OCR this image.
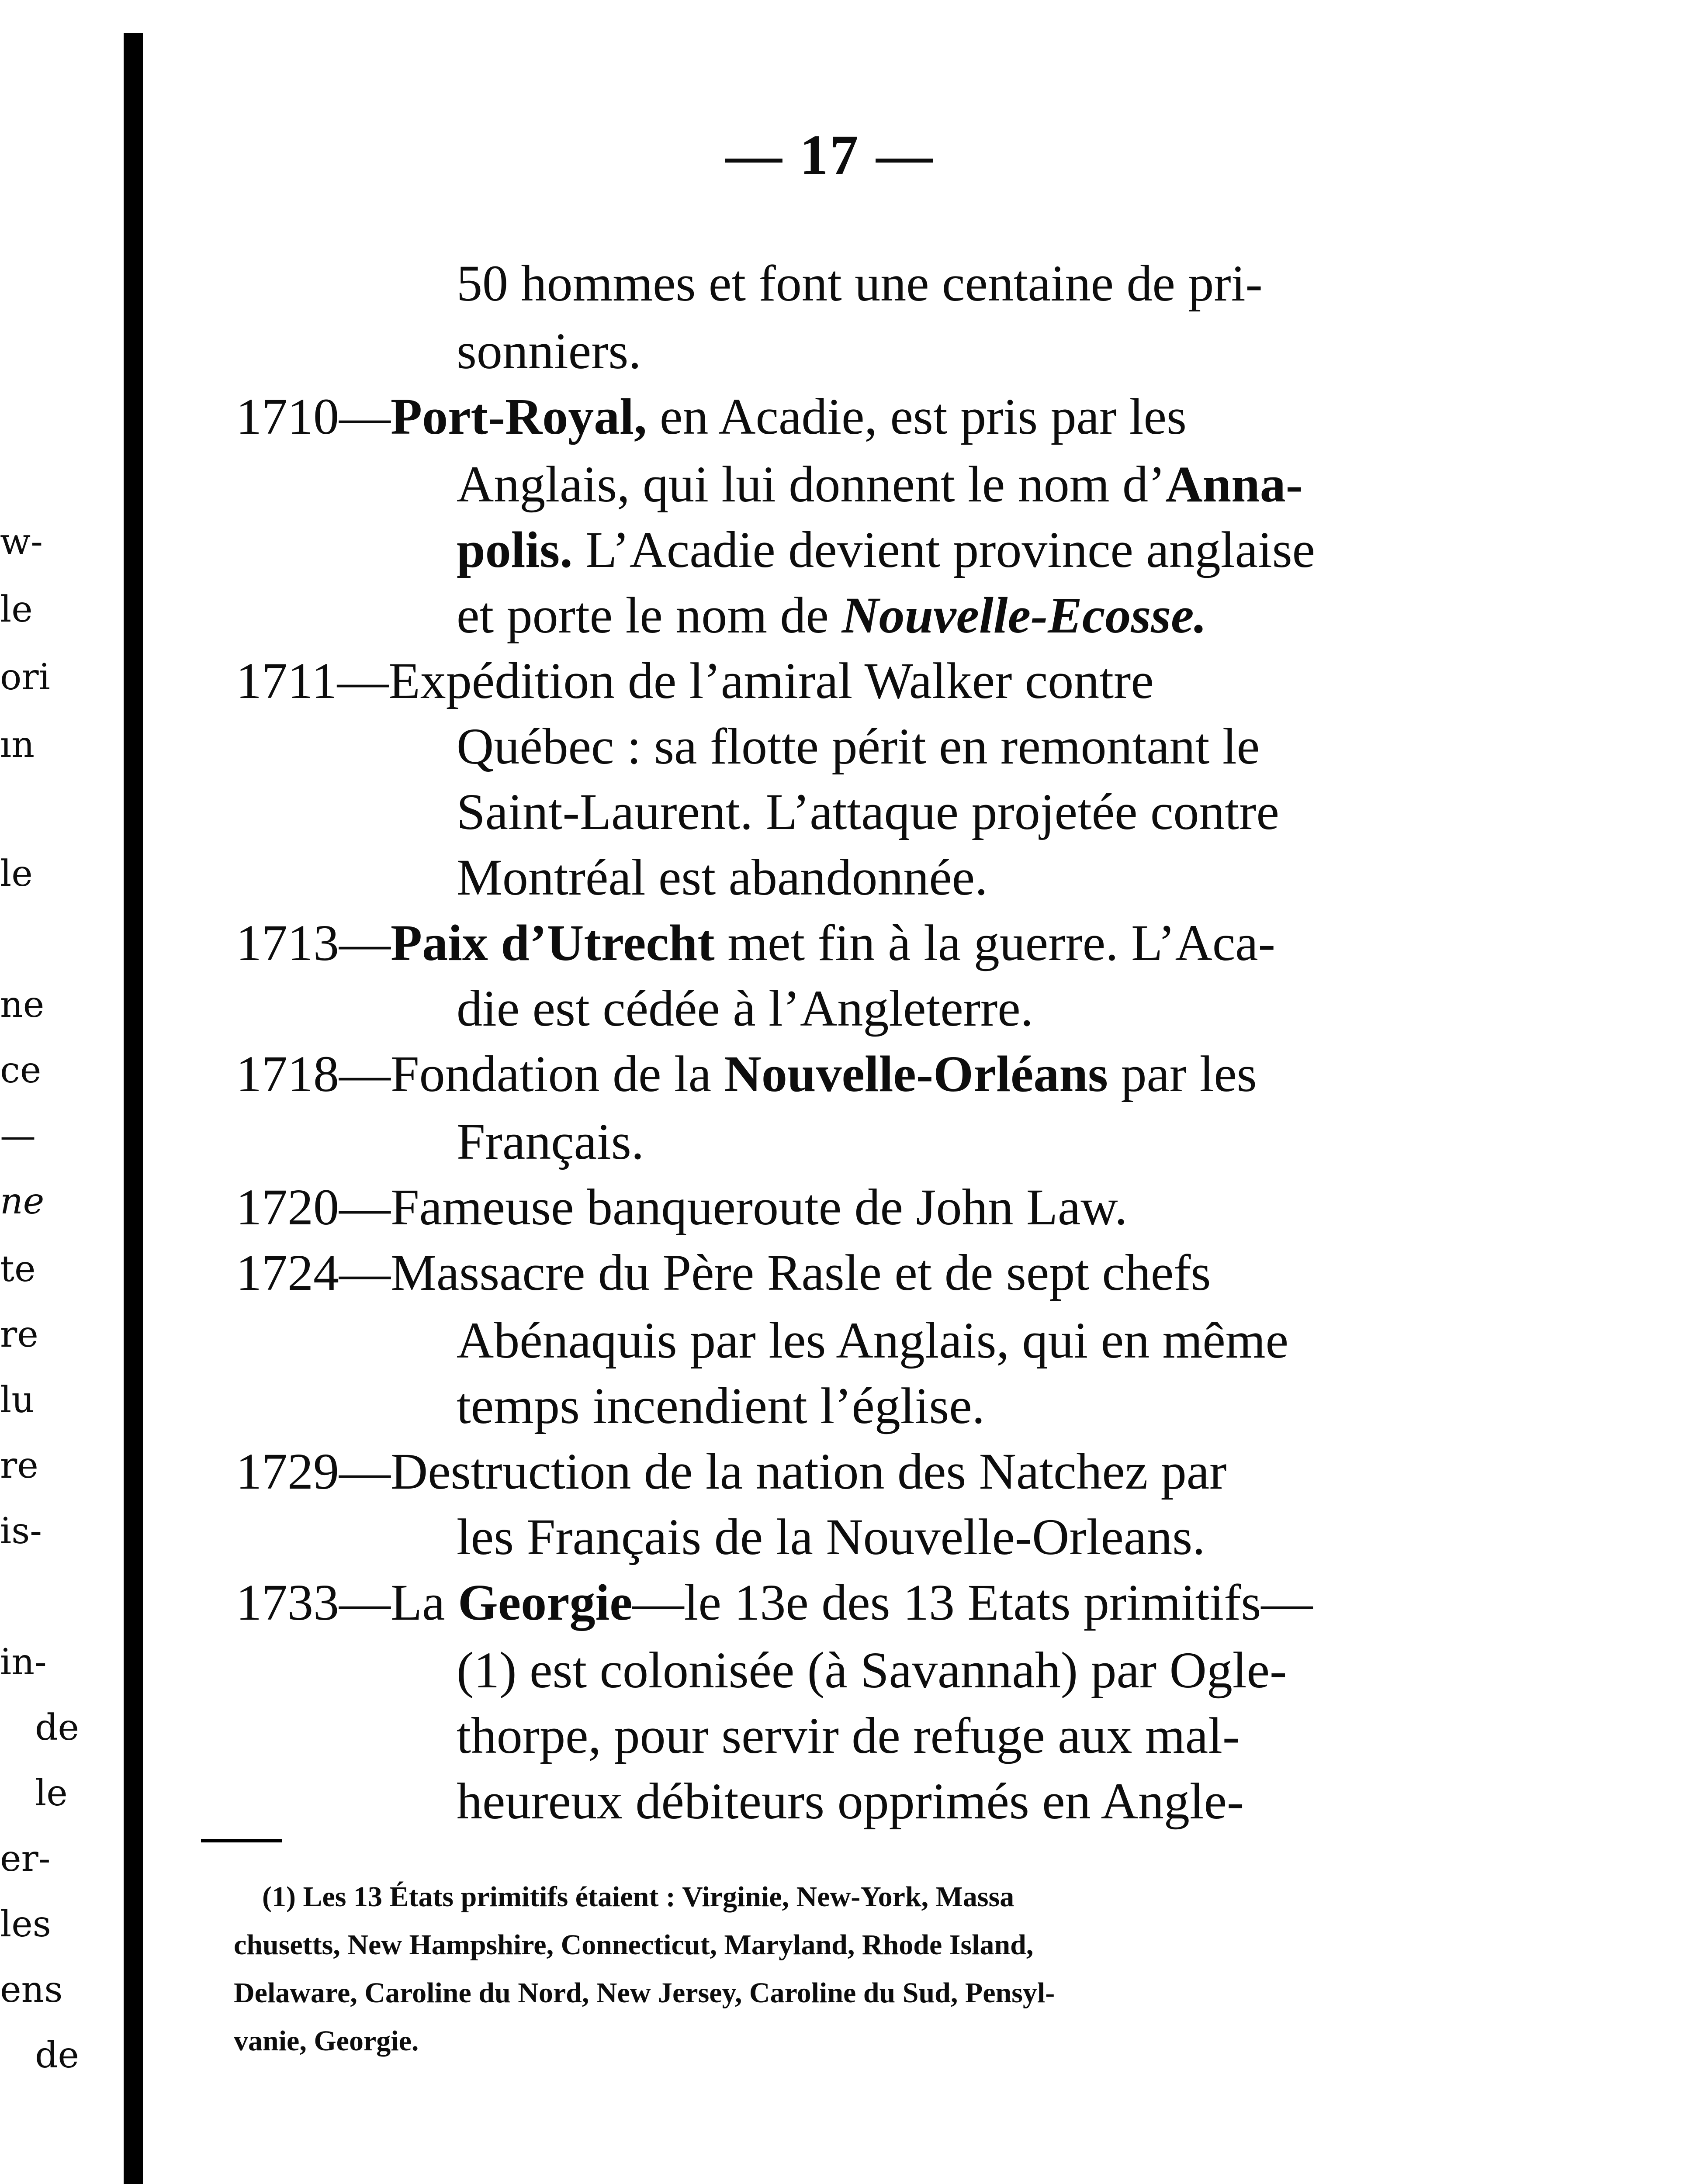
w-
le
ori
ın
le
ne
ce
—
ne
te
re
lu
re
is-
in-
de
le
er-
les
ens
de
— 17 —
50 hommes et font une centaine de pri-
sonniers.
1710—Port-Royal, en Acadie, est pris par les
Anglais, qui lui donnent le nom d’Anna-
polis. L’Acadie devient province anglaise
et porte le nom de Nouvelle-Ecosse.
1711—Expédition de l’amiral Walker contre
Québec : sa flotte périt en remontant le
Saint-Laurent. L’attaque projetée contre
Montréal est abandonnée.
1713—Paix d’Utrecht met fin à la guerre. L’Aca-
die est cédée à l’Angleterre.
1718—Fondation de la Nouvelle-Orléans par les
Français.
1720—Fameuse banqueroute de John Law.
1724—Massacre du Père Rasle et de sept chefs
Abénaquis par les Anglais, qui en même
temps incendient l’église.
1729—Destruction de la nation des Natchez par
les Français de la Nouvelle-Orleans.
1733—La Georgie—le 13e des 13 Etats primitifs—
(1) est colonisée (à Savannah) par Ogle-
thorpe, pour servir de refuge aux mal-
heureux débiteurs opprimés en Angle-
(1) Les 13 États primitifs étaient : Virginie, New-York, Massa
chusetts, New Hampshire, Connecticut, Maryland, Rhode Island,
Delaware, Caroline du Nord, New Jersey, Caroline du Sud, Pensyl-
vanie, Georgie.
